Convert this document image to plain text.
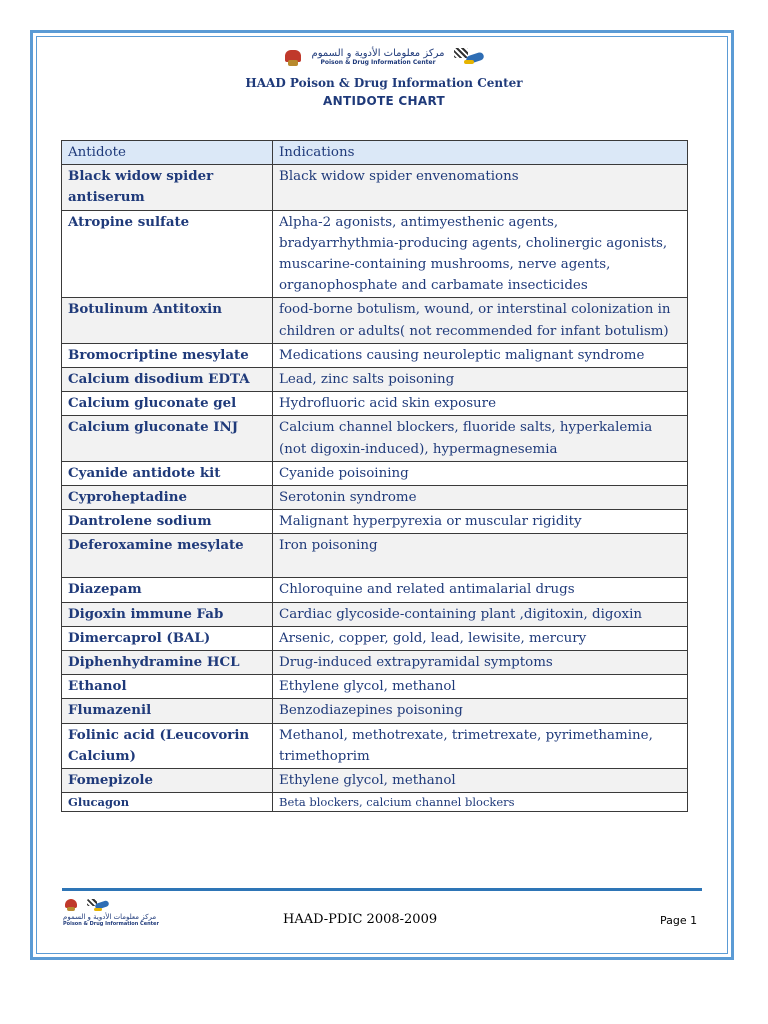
مركز معلومات الأدوية و السموم
Poison & Drug Information Center
HAAD Poison & Drug Information Center
ANTIDOTE CHART
Antidote	Indications
Black widow spider antiserum	Black widow spider envenomations
Atropine sulfate	Alpha-2 agonists, antimyesthenic agents, bradyarrhythmia-producing agents, cholinergic agonists, muscarine-containing mushrooms, nerve agents, organophosphate and carbamate insecticides
Botulinum Antitoxin	food-borne botulism, wound, or interstinal colonization in children or adults( not recommended for infant botulism)
Bromocriptine mesylate	Medications causing neuroleptic malignant syndrome
Calcium disodium EDTA	Lead, zinc salts poisoning
Calcium gluconate gel	Hydrofluoric acid skin exposure
Calcium gluconate INJ	Calcium channel blockers, fluoride salts, hyperkalemia (not digoxin-induced), hypermagnesemia
Cyanide antidote kit	Cyanide poisoining
Cyproheptadine	Serotonin syndrome
Dantrolene sodium	Malignant hyperpyrexia or muscular rigidity
Deferoxamine mesylate	Iron poisoning
Diazepam	Chloroquine and related antimalarial drugs
Digoxin immune Fab	Cardiac glycoside-containing plant ,digitoxin, digoxin
Dimercaprol (BAL)	Arsenic, copper, gold, lead, lewisite, mercury
Diphenhydramine HCL	Drug-induced extrapyramidal symptoms
Ethanol	Ethylene glycol, methanol
Flumazenil	Benzodiazepines poisoning
Folinic acid (Leucovorin Calcium)	Methanol, methotrexate, trimetrexate, pyrimethamine, trimethoprim
Fomepizole	Ethylene glycol, methanol
Glucagon	Beta blockers, calcium channel blockers
مركز معلومات الأدوية و السموم
Poison & Drug Information Center	HAAD-PDIC 2008-2009	Page 1
